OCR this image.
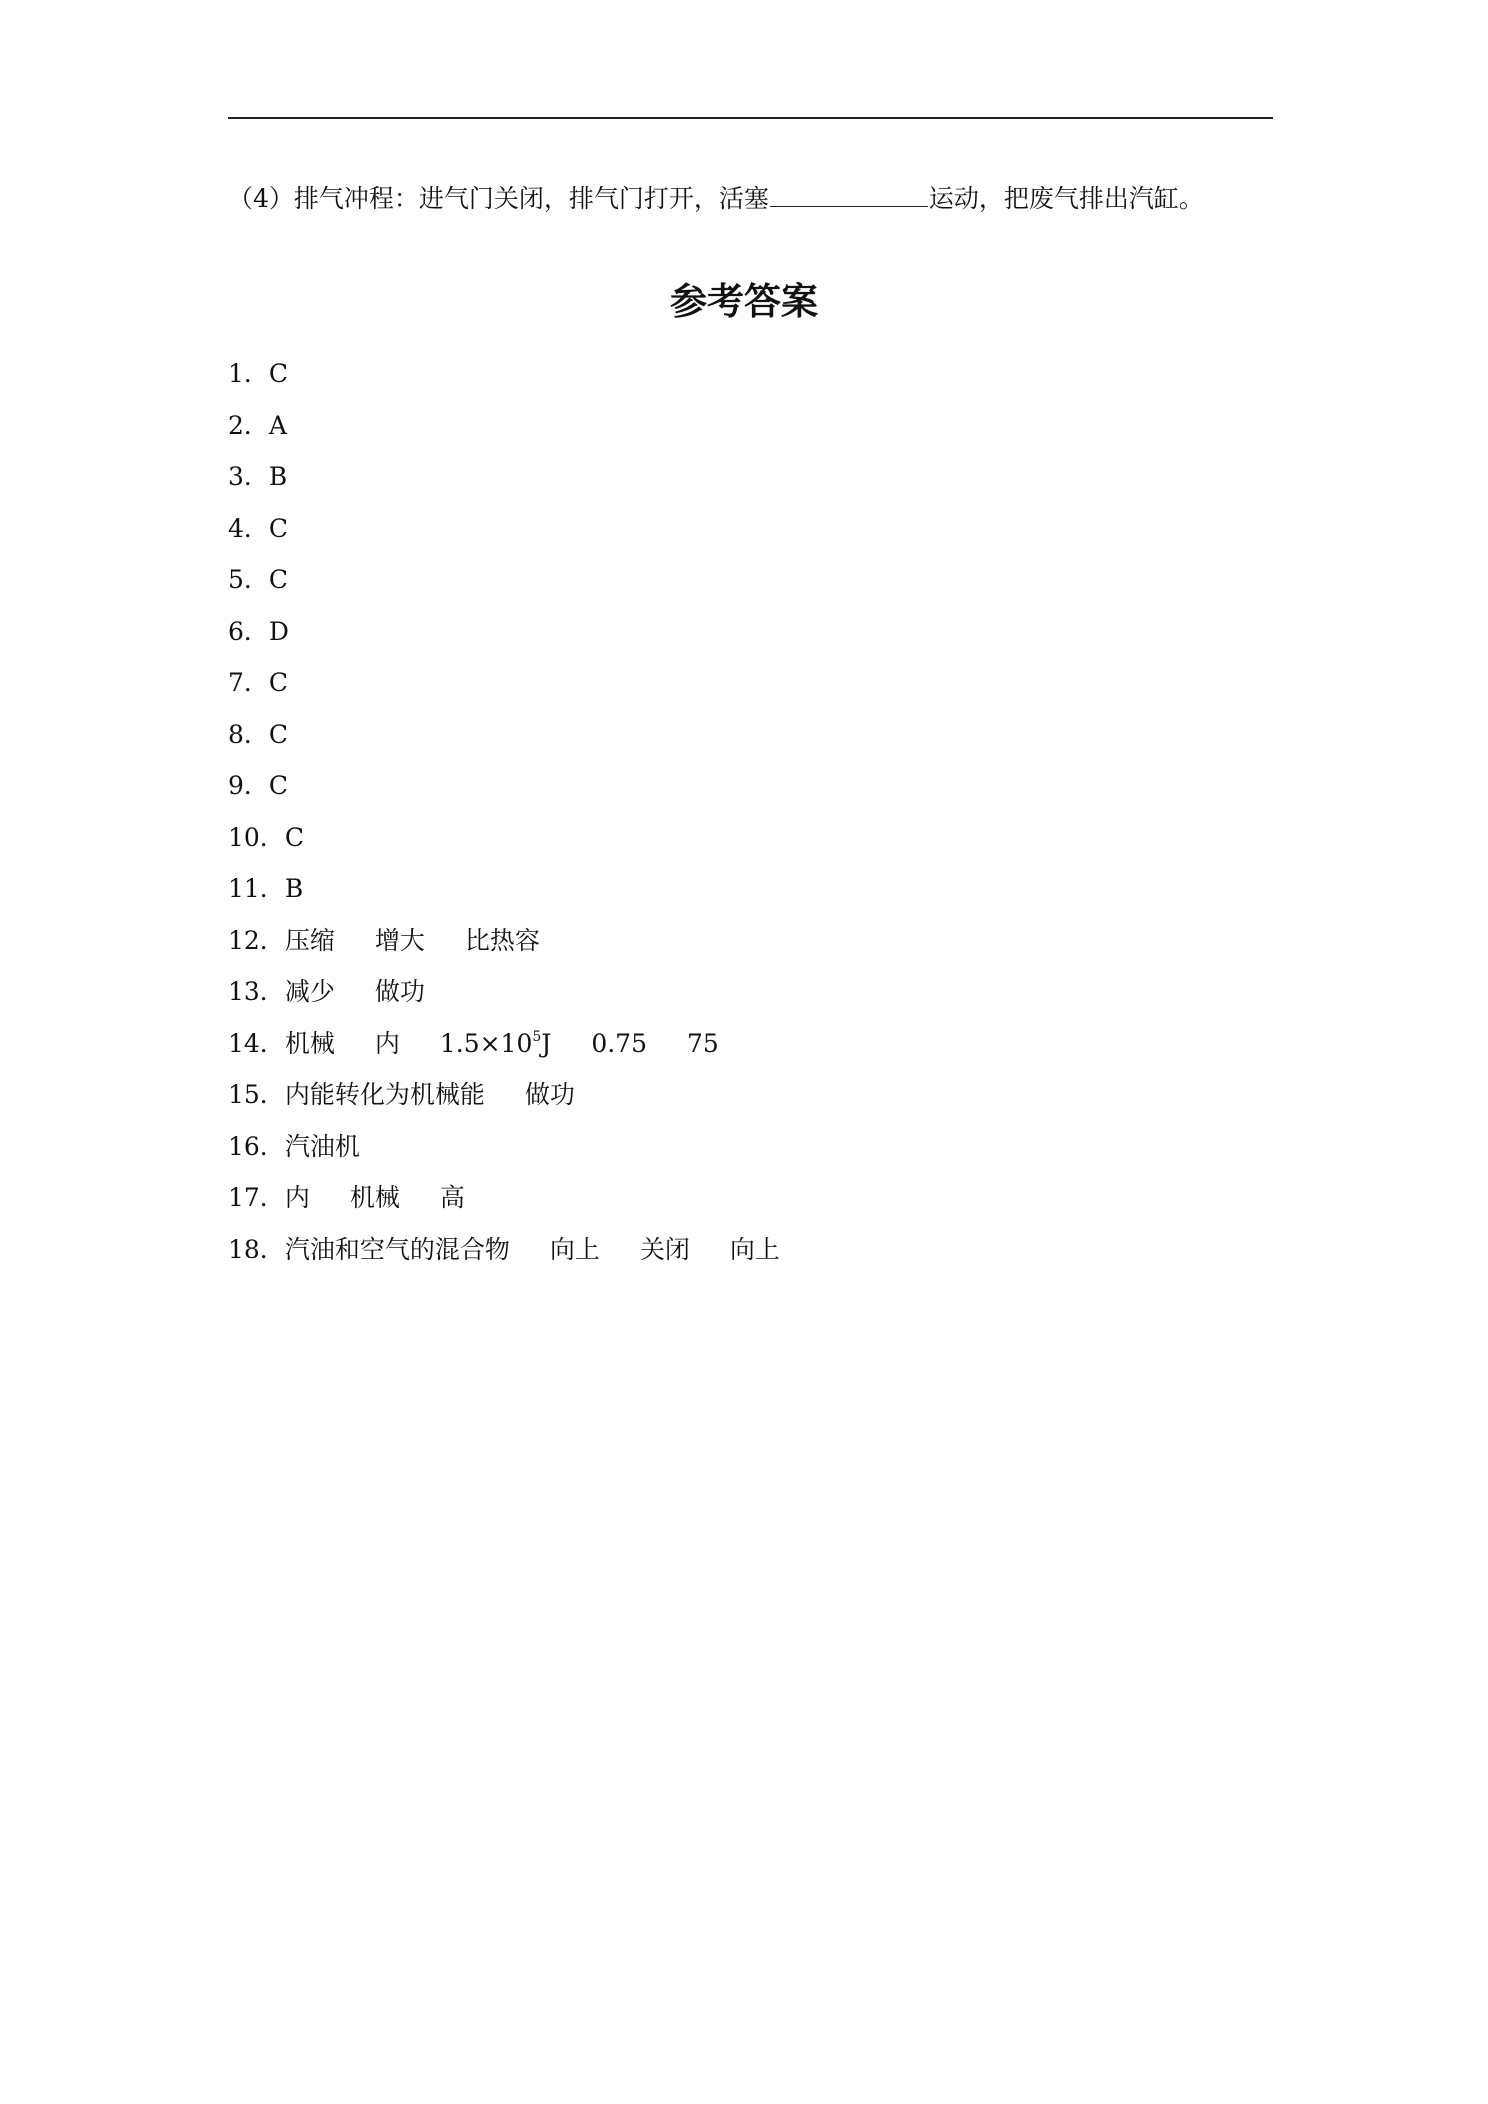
（4）排气冲程：进气门关闭，排气门打开，活塞	运动，把废气排出汽缸。
参考答案
1．C
2．A
3．B
4．C
5．C
6．D
7．C
8．C
9．C
10．C
11．B
12．压缩 增大 比热容
13．减少 做功
14．机械 内 $1.5\times 10^5J$ 0.75 75
15．内能转化为机械能 做功
16．汽油机
17．内 机械 高
18．汽油和空气的混合物 向上 关闭 向上
